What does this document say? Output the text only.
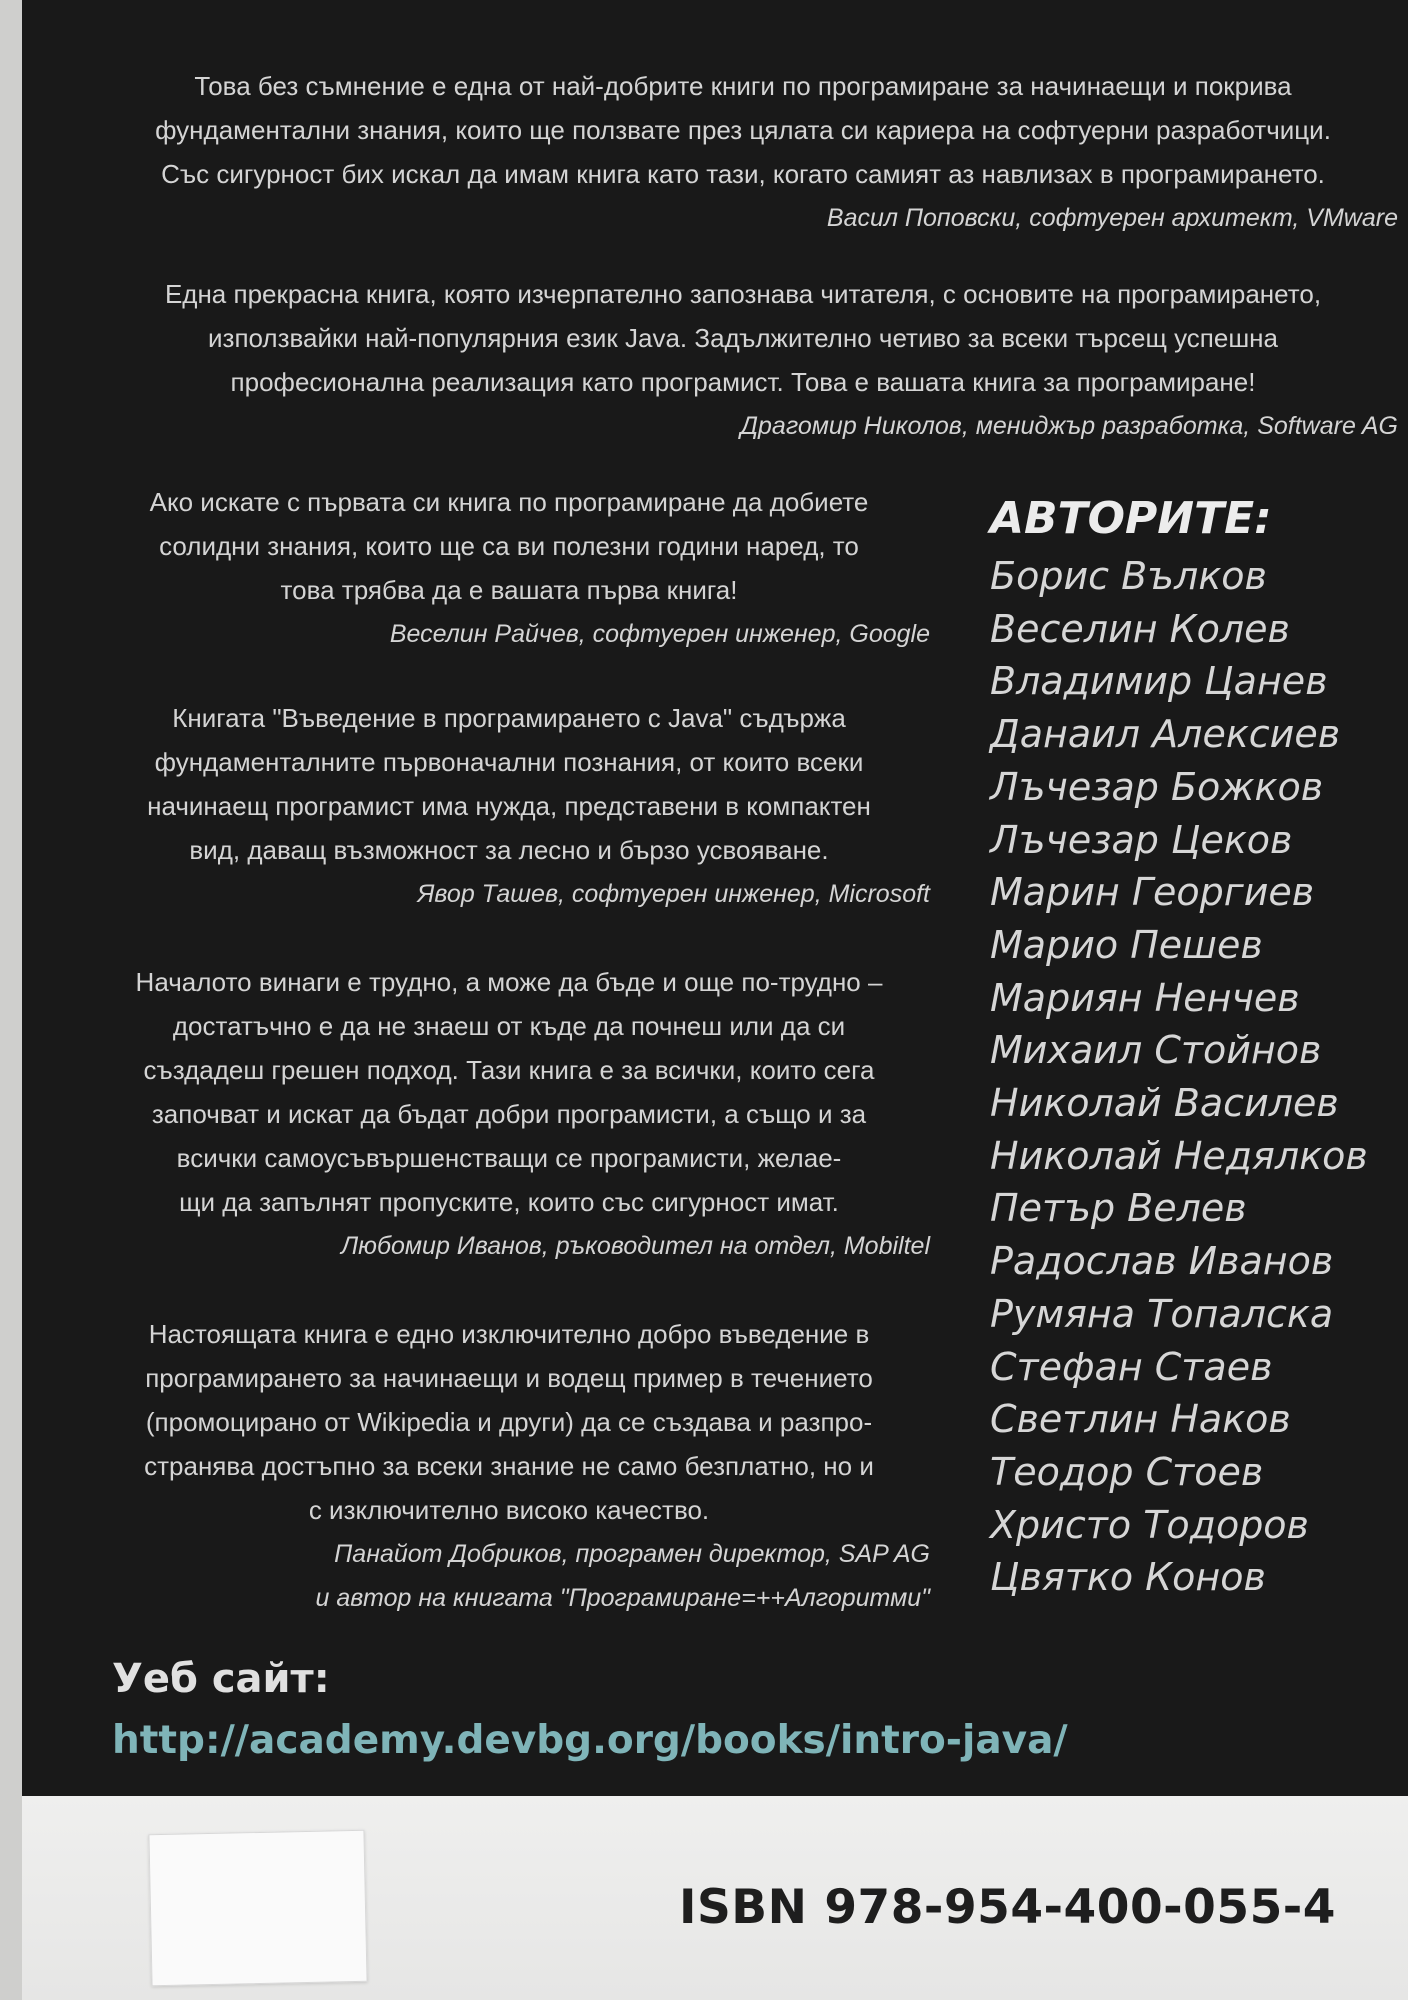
Това без съмнение е една от най-добрите книги по програмиране за начинаещи и покрива
фундаментални знания, които ще ползвате през цялата си кариера на софтуерни разработчици.
Със сигурност бих искал да имам книга като тази, когато самият аз навлизах в програмирането.
Васил Поповски, софтуерен архитект, VMware
Една прекрасна книга, която изчерпателно запознава читателя, с основите на програмирането,
използвайки най-популярния език Java. Задължително четиво за всеки търсещ успешна
професионална реализация като програмист. Това е вашата книга за програмиране!
Драгомир Николов, мениджър разработка, Software AG
Ако искате с първата си книга по програмиране да добиете
солидни знания, които ще са ви полезни години наред, то
това трябва да е вашата първа книга!
Веселин Райчев, софтуерен инженер, Google
Книгата "Въведение в програмирането с Java" съдържа
фундаменталните първоначални познания, от които всеки
начинаещ програмист има нужда, представени в компактен
вид, даващ възможност за лесно и бързо усвояване.
Явор Ташев, софтуерен инженер, Microsoft
Началото винаги е трудно, а може да бъде и още по-трудно –
достатъчно е да не знаеш от къде да почнеш или да си
създадеш грешен подход. Тази книга е за всички, които сега
започват и искат да бъдат добри програмисти, а също и за
всички самоусъвършенстващи се програмисти, желае-
щи да запълнят пропуските, които със сигурност имат.
Любомир Иванов, ръководител на отдел, Mobiltel
Настоящата книга е едно изключително добро въведение в
програмирането за начинаещи и водещ пример в течението
(промоцирано от Wikipedia и други) да се създава и разпро-
странява достъпно за всеки знание не само безплатно, но и
с изключително високо качество.
Панайот Добриков, програмен директор, SAP AG
и автор на книгата "Програмиране=++Алгоритми"
АВТОРИТЕ:
Борис Вълков
Веселин Колев
Владимир Цанев
Данаил Алексиев
Лъчезар Божков
Лъчезар Цеков
Марин Георгиев
Марио Пешев
Мариян Ненчев
Михаил Стойнов
Николай Василев
Николай Недялков
Петър Велев
Радослав Иванов
Румяна Топалска
Стефан Стаев
Светлин Наков
Теодор Стоев
Христо Тодоров
Цвятко Конов
Уеб сайт:
http://academy.devbg.org/books/intro-java/
ISBN 978-954-400-055-4
